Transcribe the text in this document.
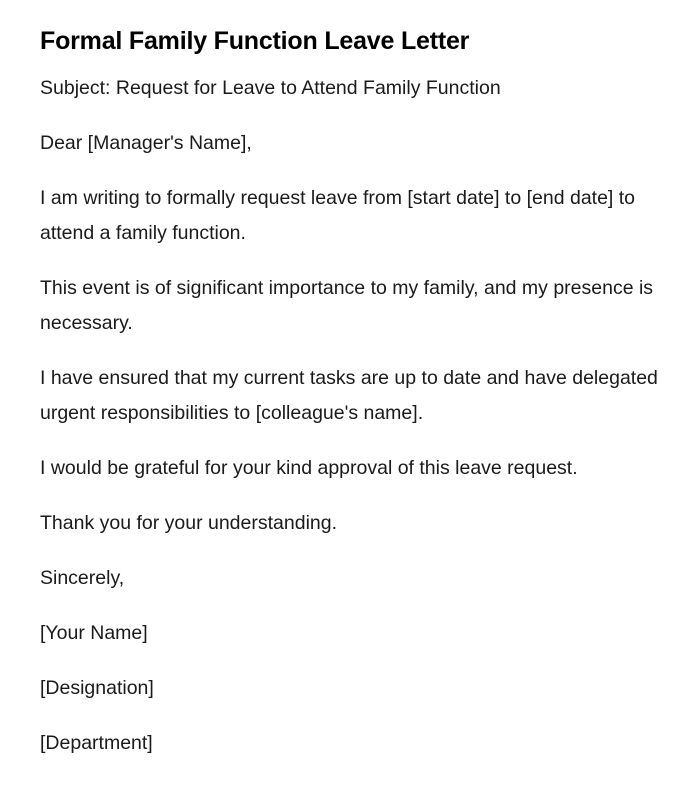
Formal Family Function Leave Letter

Subject: Request for Leave to Attend Family Function

Dear [Manager's Name],

I am writing to formally request leave from [start date] to [end date] to attend a family function.

This event is of significant importance to my family, and my presence is necessary.

I have ensured that my current tasks are up to date and have delegated urgent responsibilities to [colleague's name].

I would be grateful for your kind approval of this leave request.

Thank you for your understanding.

Sincerely,

[Your Name]

[Designation]

[Department]
